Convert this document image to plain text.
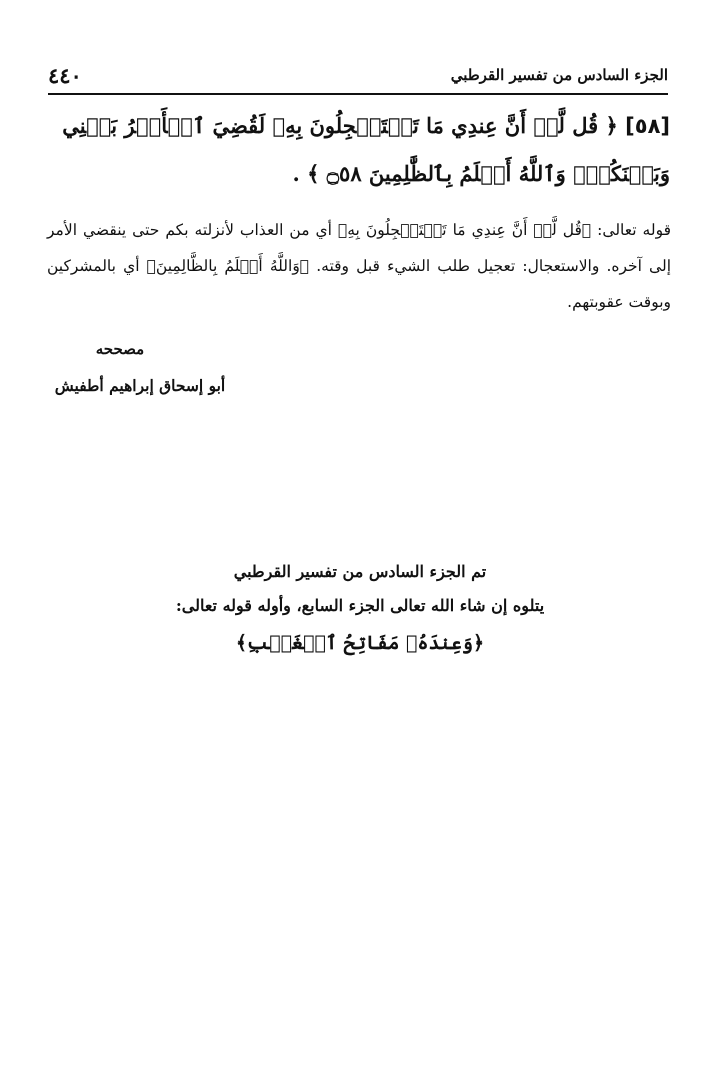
٤٤٠	الجزء السادس من تفسير القرطبي
[٥٨] ﴿ قُل لَّوۡ أَنَّ عِندِي مَا تَسۡتَعۡجِلُونَ بِهِۦ لَقُضِيَ ٱلۡأَمۡرُ بَيۡنِي وَبَيۡنَكُمۡۗ وَٱللَّهُ أَعۡلَمُ بِٱلظَّٰلِمِينَ ۝٥٨ ﴾ .

قوله تعالى: ﴿قُل لَّوۡ أَنَّ عِندِي مَا تَسۡتَعۡجِلُونَ بِهِ﴾ أي من العذاب لأنزلته بكم حتى ينقضي الأمر إلى آخره. والاستعجال: تعجيل طلب الشيء قبل وقته. ﴿وَاللَّهُ أَعۡلَمُ بِالظَّالِمِينَ﴾ أي بالمشركين وبوقت عقوبتهم.

مصححه
أبو إسحاق إبراهيم أطفيش
تم الجزء السادس من تفسير القرطبي
يتلوه إن شاء الله تعالى الجزء السابع، وأوله قوله تعالى:
﴿وَعِندَهُۥ مَفَاتِحُ ٱلۡغَيۡبِ﴾
